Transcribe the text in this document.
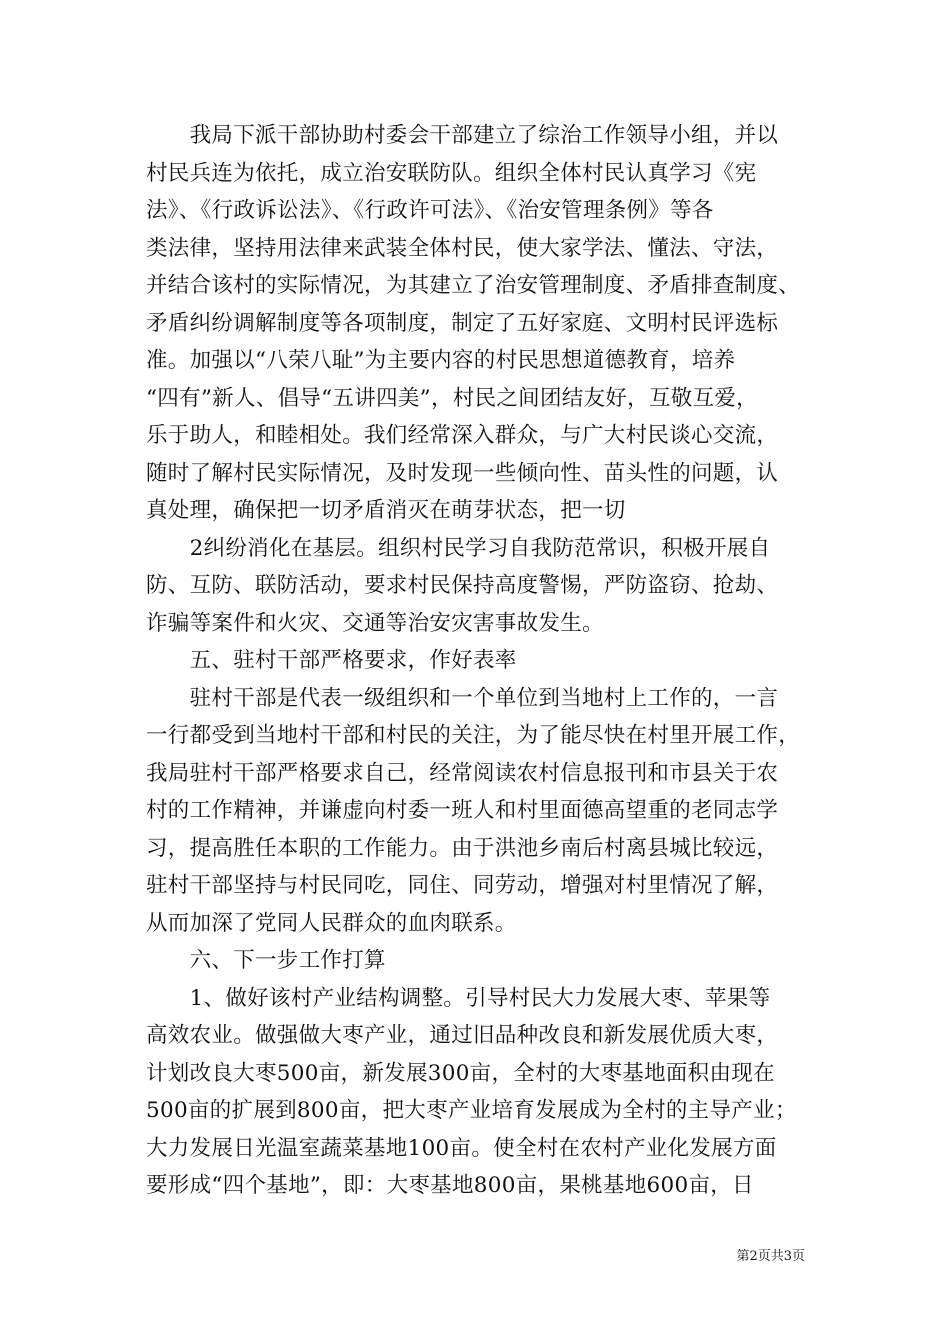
　　我局下派干部协助村委会干部建立了综治工作领导小组，并以
村民兵连为依托，成立治安联防队。组织全体村民认真学习《宪
法》、《行政诉讼法》、《行政许可法》、《治安管理条例》等各
类法律，坚持用法律来武装全体村民，使大家学法、懂法、守法，
并结合该村的实际情况，为其建立了治安管理制度、矛盾排查制度、
矛盾纠纷调解制度等各项制度，制定了五好家庭、文明村民评选标
准。加强以“八荣八耻”为主要内容的村民思想道德教育，培养
“四有”新人、倡导“五讲四美”，村民之间团结友好，互敬互爱，
乐于助人，和睦相处。我们经常深入群众，与广大村民谈心交流，
随时了解村民实际情况，及时发现一些倾向性、苗头性的问题，认
真处理，确保把一切矛盾消灭在萌芽状态，把一切
　　2纠纷消化在基层。组织村民学习自我防范常识，积极开展自
防、互防、联防活动，要求村民保持高度警惕，严防盗窃、抢劫、
诈骗等案件和火灾、交通等治安灾害事故发生。
　　五、驻村干部严格要求，作好表率
　　驻村干部是代表一级组织和一个单位到当地村上工作的，一言
一行都受到当地村干部和村民的关注，为了能尽快在村里开展工作，
我局驻村干部严格要求自己，经常阅读农村信息报刊和市县关于农
村的工作精神，并谦虚向村委一班人和村里面德高望重的老同志学
习，提高胜任本职的工作能力。由于洪池乡南后村离县城比较远，
驻村干部坚持与村民同吃，同住、同劳动，增强对村里情况了解，
从而加深了党同人民群众的血肉联系。
　　六、下一步工作打算
　　1、做好该村产业结构调整。引导村民大力发展大枣、苹果等
高效农业。做强做大枣产业，通过旧品种改良和新发展优质大枣，
计划改良大枣500亩，新发展300亩，全村的大枣基地面积由现在
500亩的扩展到800亩，把大枣产业培育发展成为全村的主导产业；
大力发展日光温室蔬菜基地100亩。使全村在农村产业化发展方面
要形成“四个基地”，即：大枣基地800亩，果桃基地600亩，日
第2页共3页
